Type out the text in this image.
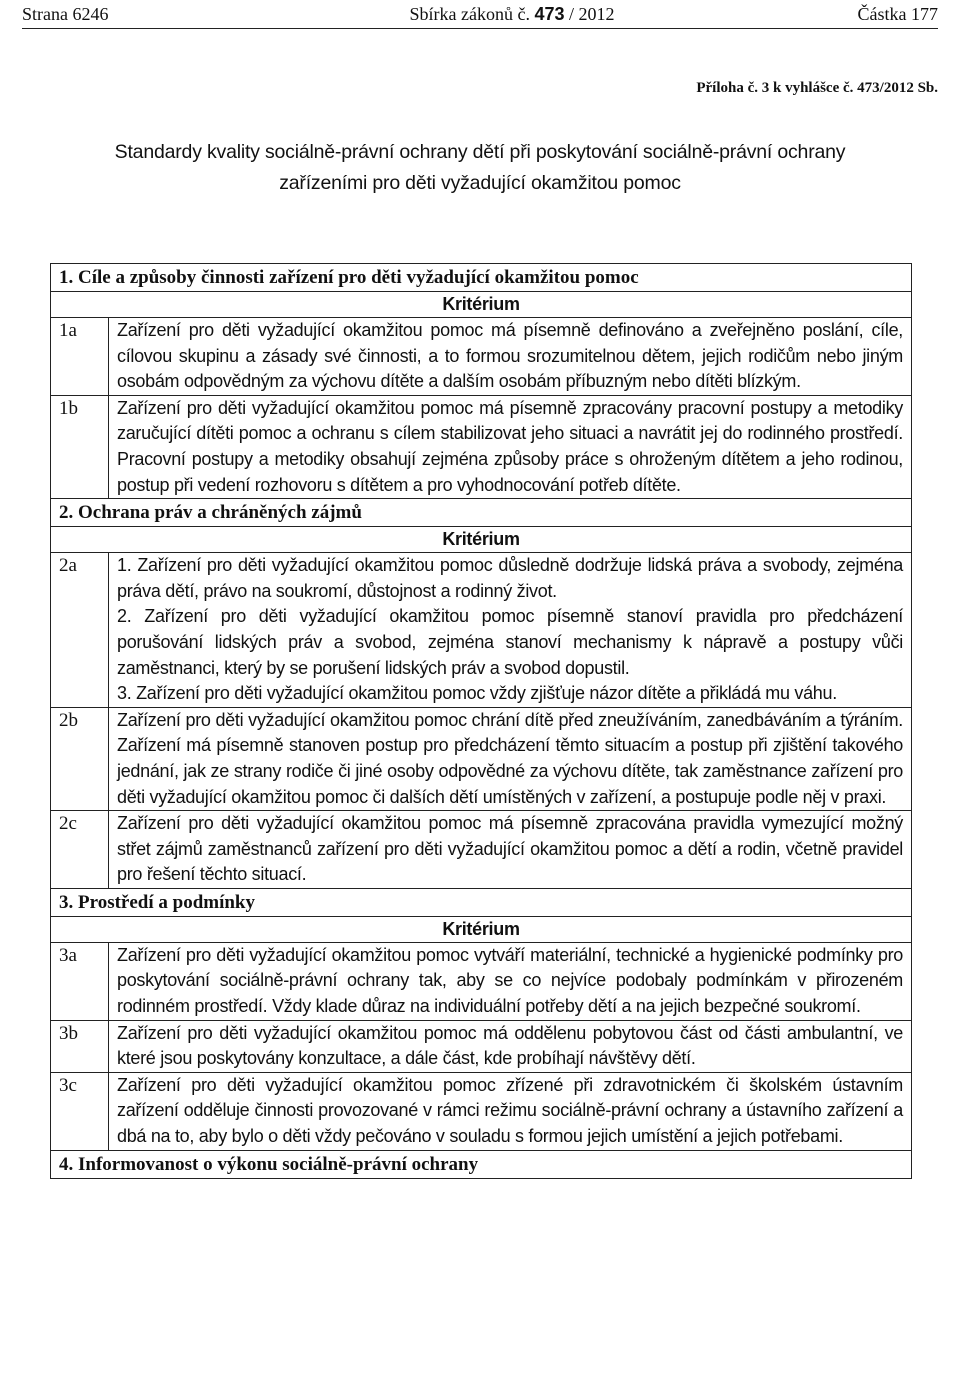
Strana 6246	Sbírka zákonů č. 473 / 2012	Částka 177
Příloha č. 3 k vyhlášce č. 473/2012 Sb.
Standardy kvality sociálně-právní ochrany dětí při poskytování sociálně-právní ochrany
zařízeními pro děti vyžadující okamžitou pomoc
1. Cíle a způsoby činnosti zařízení pro děti vyžadující okamžitou pomoc	
Kritérium	
1a	Zařízení pro děti vyžadující okamžitou pomoc má písemně definováno a zveřejněno poslání, cíle, cílovou skupinu a zásady své činnosti, a to formou srozumitelnou dětem, jejich rodičům nebo jiným osobám odpovědným za výchovu dítěte a dalším osobám příbuzným nebo dítěti blízkým.

1b	Zařízení pro děti vyžadující okamžitou pomoc má písemně zpracovány pracovní postupy a metodiky zaručující dítěti pomoc a ochranu s cílem stabilizovat jeho situaci a navrátit jej do rodinného prostředí. Pracovní postupy a metodiky obsahují zejména způsoby práce s ohroženým dítětem a jeho rodinou, postup při vedení rozhovoru s dítětem a pro vyhodnocování potřeb dítěte.

2. Ochrana práv a chráněných zájmů	
Kritérium	
2a	1. Zařízení pro děti vyžadující okamžitou pomoc důsledně dodržuje lidská práva a svobody, zejména práva dětí, právo na soukromí, důstojnost a rodinný život.

2. Zařízení pro děti vyžadující okamžitou pomoc písemně stanoví pravidla pro předcházení porušování lidských práv a svobod, zejména stanoví mechanismy k nápravě a postupy vůči zaměstnanci, který by se porušení lidských práv a svobod dopustil.

3. Zařízení pro děti vyžadující okamžitou pomoc vždy zjišťuje názor dítěte a přikládá mu váhu.

2b	Zařízení pro děti vyžadující okamžitou pomoc chrání dítě před zneužíváním, zanedbáváním a týráním. Zařízení má písemně stanoven postup pro předcházení těmto situacím a postup při zjištění takového jednání, jak ze strany rodiče či jiné osoby odpovědné za výchovu dítěte, tak zaměstnance zařízení pro děti vyžadující okamžitou pomoc či dalších dětí umístěných v zařízení, a postupuje podle něj v praxi.

2c	Zařízení pro děti vyžadující okamžitou pomoc má písemně zpracována pravidla vymezující možný střet zájmů zaměstnanců zařízení pro děti vyžadující okamžitou pomoc a dětí a rodin, včetně pravidel pro řešení těchto situací.

3. Prostředí a podmínky	
Kritérium	
3a	Zařízení pro děti vyžadující okamžitou pomoc vytváří materiální, technické a hygienické podmínky pro poskytování sociálně-právní ochrany tak, aby se co nejvíce podobaly podmínkám v přirozeném rodinném prostředí. Vždy klade důraz na individuální potřeby dětí a na jejich bezpečné soukromí.

3b	Zařízení pro děti vyžadující okamžitou pomoc má oddělenu pobytovou část od části ambulantní, ve které jsou poskytovány konzultace, a dále část, kde probíhají návštěvy dětí.

3c	Zařízení pro děti vyžadující okamžitou pomoc zřízené při zdravotnickém či školském ústavním zařízení odděluje činnosti provozované v rámci režimu sociálně-právní ochrany a ústavního zařízení a dbá na to, aby bylo o děti vždy pečováno v souladu s formou jejich umístění a jejich potřebami.

4. Informovanost o výkonu sociálně-právní ochrany	
